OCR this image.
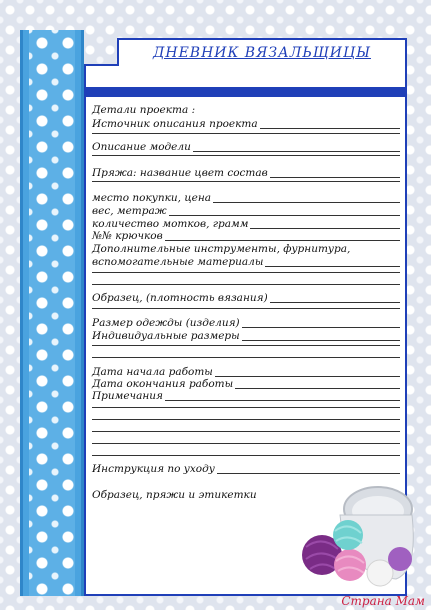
ДНЕВНИК ВЯЗАЛЬЩИЦЫ
Детали проекта :
Источник описания проекта
Описание модели
Пряжа: название цвет состав
место покупки, цена
вес, метраж
количество мотков, грамм
№№ крючков
Дополнительные инструменты, фурнитура,
вспомогательные материалы
Образец, (плотность вязания)
Размер одежды (изделия)
Индивидуальные размеры
Дата начала работы
Дата окончания работы
Примечания
Инструкция по уходу
Образец, пряжи и этикетки
Страна Мам
